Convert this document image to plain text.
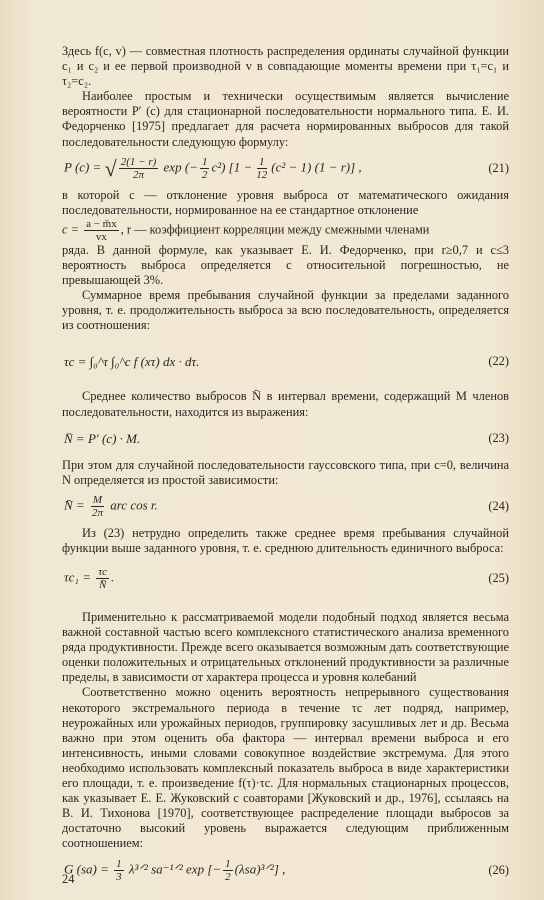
Здесь f(c, v) — совместная плотность распределения ординаты случайной функции c₁ и c₂ и ее первой производной v в совпадающие моменты времени при τ₁=c₁ и τ₂=c₂.

Наиболее простым и технически осуществимым является вычисление вероятности P′ (c) для стационарной последовательности нормального типа. Е. И. Федорченко [1975] предлагает для расчета нормированных выбросов для такой последовательности следующую формулу:

P (c) = √ $\frac{2(1 - r)}{2\pi}$ exp (− $\frac{1}{2} c^2$) $[1 - \frac{1}{12} (c^2 - 1) (1 - r)]$ ,	(21)

в которой c — отклонение уровня выброса от математического ожидания последовательности, нормированное на ее стандартное отклонение

$c = \frac{a - m̄x}{vx}$ , r — коэффициент корреляции между смежными членами

ряда. В данной формуле, как указывает Е. И. Федорченко, при r≥0,7 и c≤3 вероятность выброса определяется с относительной погрешностью, не превышающей 3%.

Суммарное время пребывания случайной функции за пределами заданного уровня, т. е. продолжительность выброса за всю последовательность, определяется из соотношения:

τc = ∫₀^τ ∫₀^c f (xτ) dx · dτ.	(22)

Среднее количество выбросов N̄ в интервал времени, содержащий M членов последовательности, находится из выражения:

N̄ = P′ (c) · M.	(23)

При этом для случайной последовательности гауссовского типа, при c=0, величина N определяется из простой зависимости:

N̄ = $\frac{M}{2\pi}$ arc cos r.	(24)

Из (23) нетрудно определить также среднее время пребывания случайной функции выше заданного уровня, т. е. среднюю длительность единичного выброса:

$\tau c_1 = \frac{\tau c}{N̄}$ .	(25)

Применительно к рассматриваемой модели подобный подход является весьма важной составной частью всего комплексного статистического анализа временного ряда продуктивности. Прежде всего оказывается возможным дать соответствующие оценки положительных и отрицательных отклонений продуктивности за различные пределы, в зависимости от характера процесса и уровня колебаний

Соответственно можно оценить вероятность непрерывного существования некоторого экстремального периода в течение τc лет подряд, например, неурожайных или урожайных периодов, группировку засушливых лет и др. Весьма важно при этом оценить оба фактора — интервал времени выброса и его интенсивность, иными словами совокупное воздействие экстремума. Для этого необходимо использовать комплексный показатель выброса в виде характеристики его площади, т. е. произведение f(τ)·τc. Для нормальных стационарных процессов, как указывает Е. Е. Жуковский с соавторами [Жуковский и др., 1976], ссылаясь на В. И. Тихонова [1970], соответствующее распределение площади выбросов за достаточно высокий уровень выражается следующим приближенным соотношением:

G $(sa) = \frac{1}{3}$ λ³ᐟ² sa⁻¹ᐟ² exp [− $\frac{1}{2}$ (λsa)³ᐟ²] ,	(26)
24
